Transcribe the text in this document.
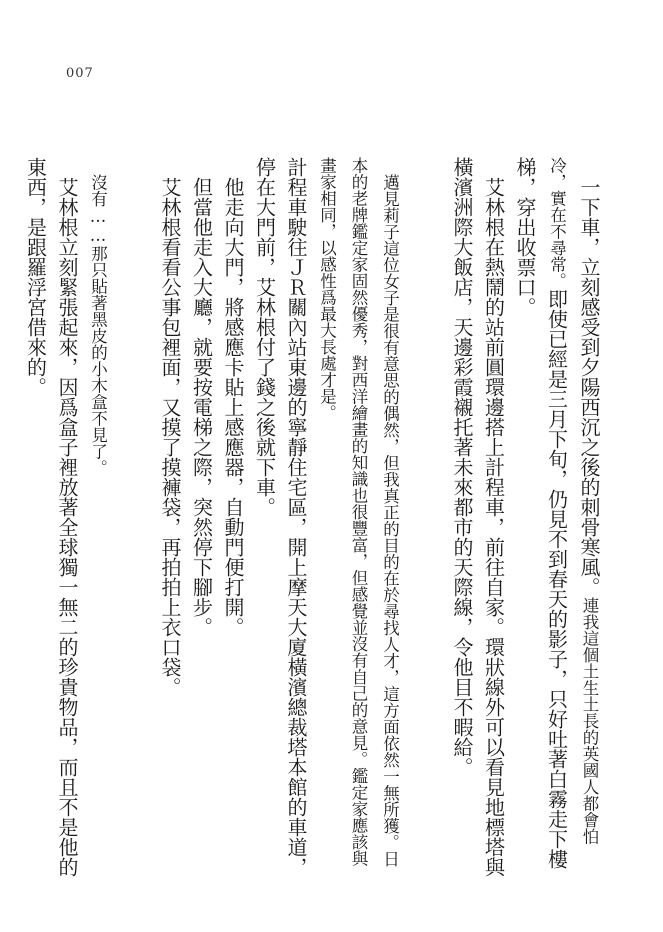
007

一下車，立刻感受到夕陽西沉之後的刺骨寒風。連我這個土生土長的英國人都會怕冷，實在不尋常。即使已經是三月下旬，仍見不到春天的影子，只好吐著白霧走下樓梯，穿出收票口。

艾林根在熱鬧的站前圓環邊搭上計程車，前往自家。環狀線外可以看見地標塔與橫濱洲際大飯店，天邊彩霞襯托著未來都市的天際線，令他目不暇給。

邁見莉子這位女子是很有意思的偶然，但我真正的目的在於尋找人才，這方面依然一無所獲。日本的老牌鑑定家固然優秀，對西洋繪畫的知識也很豐富，但感覺並沒有自己的意見。鑑定家應該與畫家相同，以感性爲最大長處才是。

計程車駛往ＪＲ關內站東邊的寧靜住宅區，開上摩天大廈橫濱總裁塔本館的車道，停在大門前，艾林根付了錢之後就下車。

他走向大門，將感應卡貼上感應器，自動門便打開。

但當他走入大廳，就要按電梯之際，突然停下腳步。

艾林根看看公事包裡面，又摸了摸褲袋，再拍拍上衣口袋。

沒有……那只貼著黑皮的小木盒不見了。

艾林根立刻緊張起來，因爲盒子裡放著全球獨一無二的珍貴物品，而且不是他的東西，是跟羅浮宮借來的。
